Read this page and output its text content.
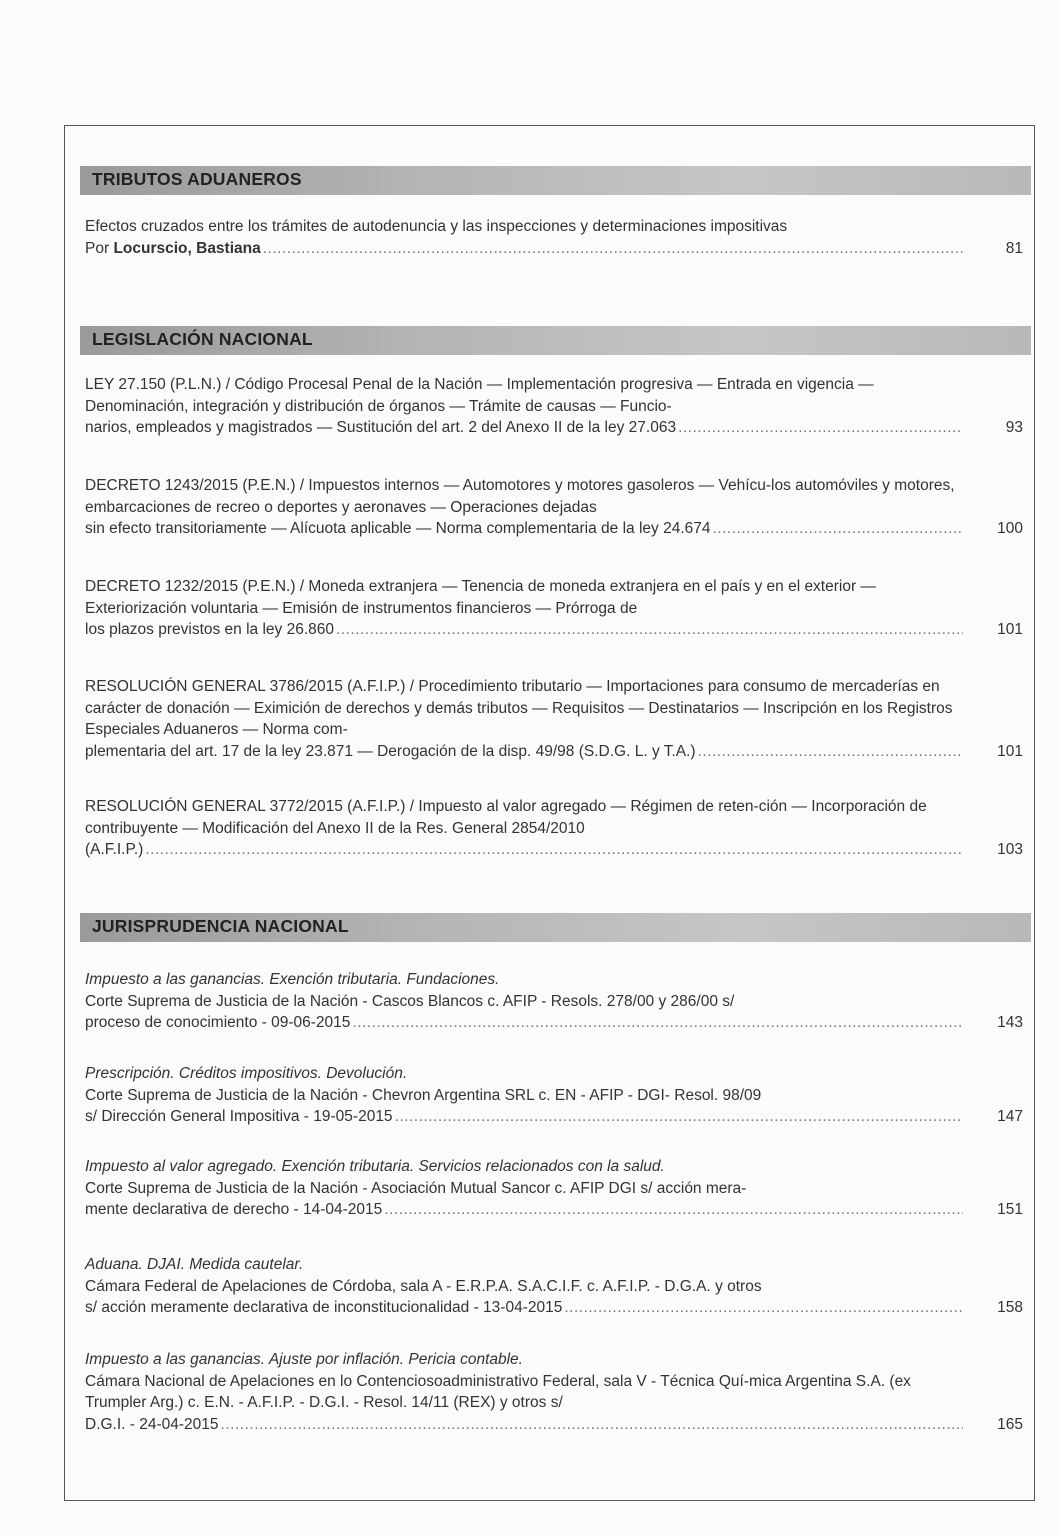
TRIBUTOS ADUANEROS
Efectos cruzados entre los trámites de autodenuncia y las inspecciones y determinaciones impositivas
Por Locurscio, Bastiana .....	81
LEGISLACIÓN NACIONAL
LEY 27.150 (P.L.N.) / Código Procesal Penal de la Nación — Implementación progresiva — Entrada en vigencia — Denominación, integración y distribución de órganos — Trámite de causas — Funcio-
narios, empleados y magistrados — Sustitución del art. 2 del Anexo II de la ley 27.063 .....	93
DECRETO 1243/2015 (P.E.N.) / Impuestos internos — Automotores y motores gasoleros — Vehícu-los automóviles y motores, embarcaciones de recreo o deportes y aeronaves — Operaciones dejadas
sin efecto transitoriamente — Alícuota aplicable — Norma complementaria de la ley 24.674 .....	100
DECRETO 1232/2015 (P.E.N.) / Moneda extranjera — Tenencia de moneda extranjera en el país y en el exterior — Exteriorización voluntaria — Emisión de instrumentos financieros — Prórroga de
los plazos previstos en la ley 26.860 .....	101
RESOLUCIÓN GENERAL 3786/2015 (A.F.I.P.) / Procedimiento tributario — Importaciones para consumo de mercaderías en carácter de donación — Eximición de derechos y demás tributos — Requisitos — Destinatarios — Inscripción en los Registros Especiales Aduaneros — Norma com-
plementaria del art. 17 de la ley 23.871 — Derogación de la disp. 49/98 (S.D.G. L. y T.A.) .....	101
RESOLUCIÓN GENERAL 3772/2015 (A.F.I.P.) / Impuesto al valor agregado — Régimen de reten-ción — Incorporación de contribuyente — Modificación del Anexo II de la Res. General 2854/2010
(A.F.I.P.) .....	103
JURISPRUDENCIA NACIONAL
Impuesto a las ganancias. Exención tributaria. Fundaciones.
Corte Suprema de Justicia de la Nación - Cascos Blancos c. AFIP - Resols. 278/00 y 286/00 s/
proceso de conocimiento - 09-06-2015 .....	143
Prescripción. Créditos impositivos. Devolución.
Corte Suprema de Justicia de la Nación - Chevron Argentina SRL c. EN - AFIP - DGI- Resol. 98/09
s/ Dirección General Impositiva - 19-05-2015 .....	147
Impuesto al valor agregado. Exención tributaria. Servicios relacionados con la salud.
Corte Suprema de Justicia de la Nación - Asociación Mutual Sancor c. AFIP DGI s/ acción mera-
mente declarativa de derecho - 14-04-2015 .....	151
Aduana. DJAI. Medida cautelar.
Cámara Federal de Apelaciones de Córdoba, sala A - E.R.P.A. S.A.C.I.F. c. A.F.I.P. - D.G.A. y otros
s/ acción meramente declarativa de inconstitucionalidad - 13-04-2015 .....	158
Impuesto a las ganancias. Ajuste por inflación. Pericia contable.
Cámara Nacional de Apelaciones en lo Contenciosoadministrativo Federal, sala V - Técnica Quí-mica Argentina S.A. (ex Trumpler Arg.) c. E.N. - A.F.I.P. - D.G.I. - Resol. 14/11 (REX) y otros s/
D.G.I. - 24-04-2015 .....	165
